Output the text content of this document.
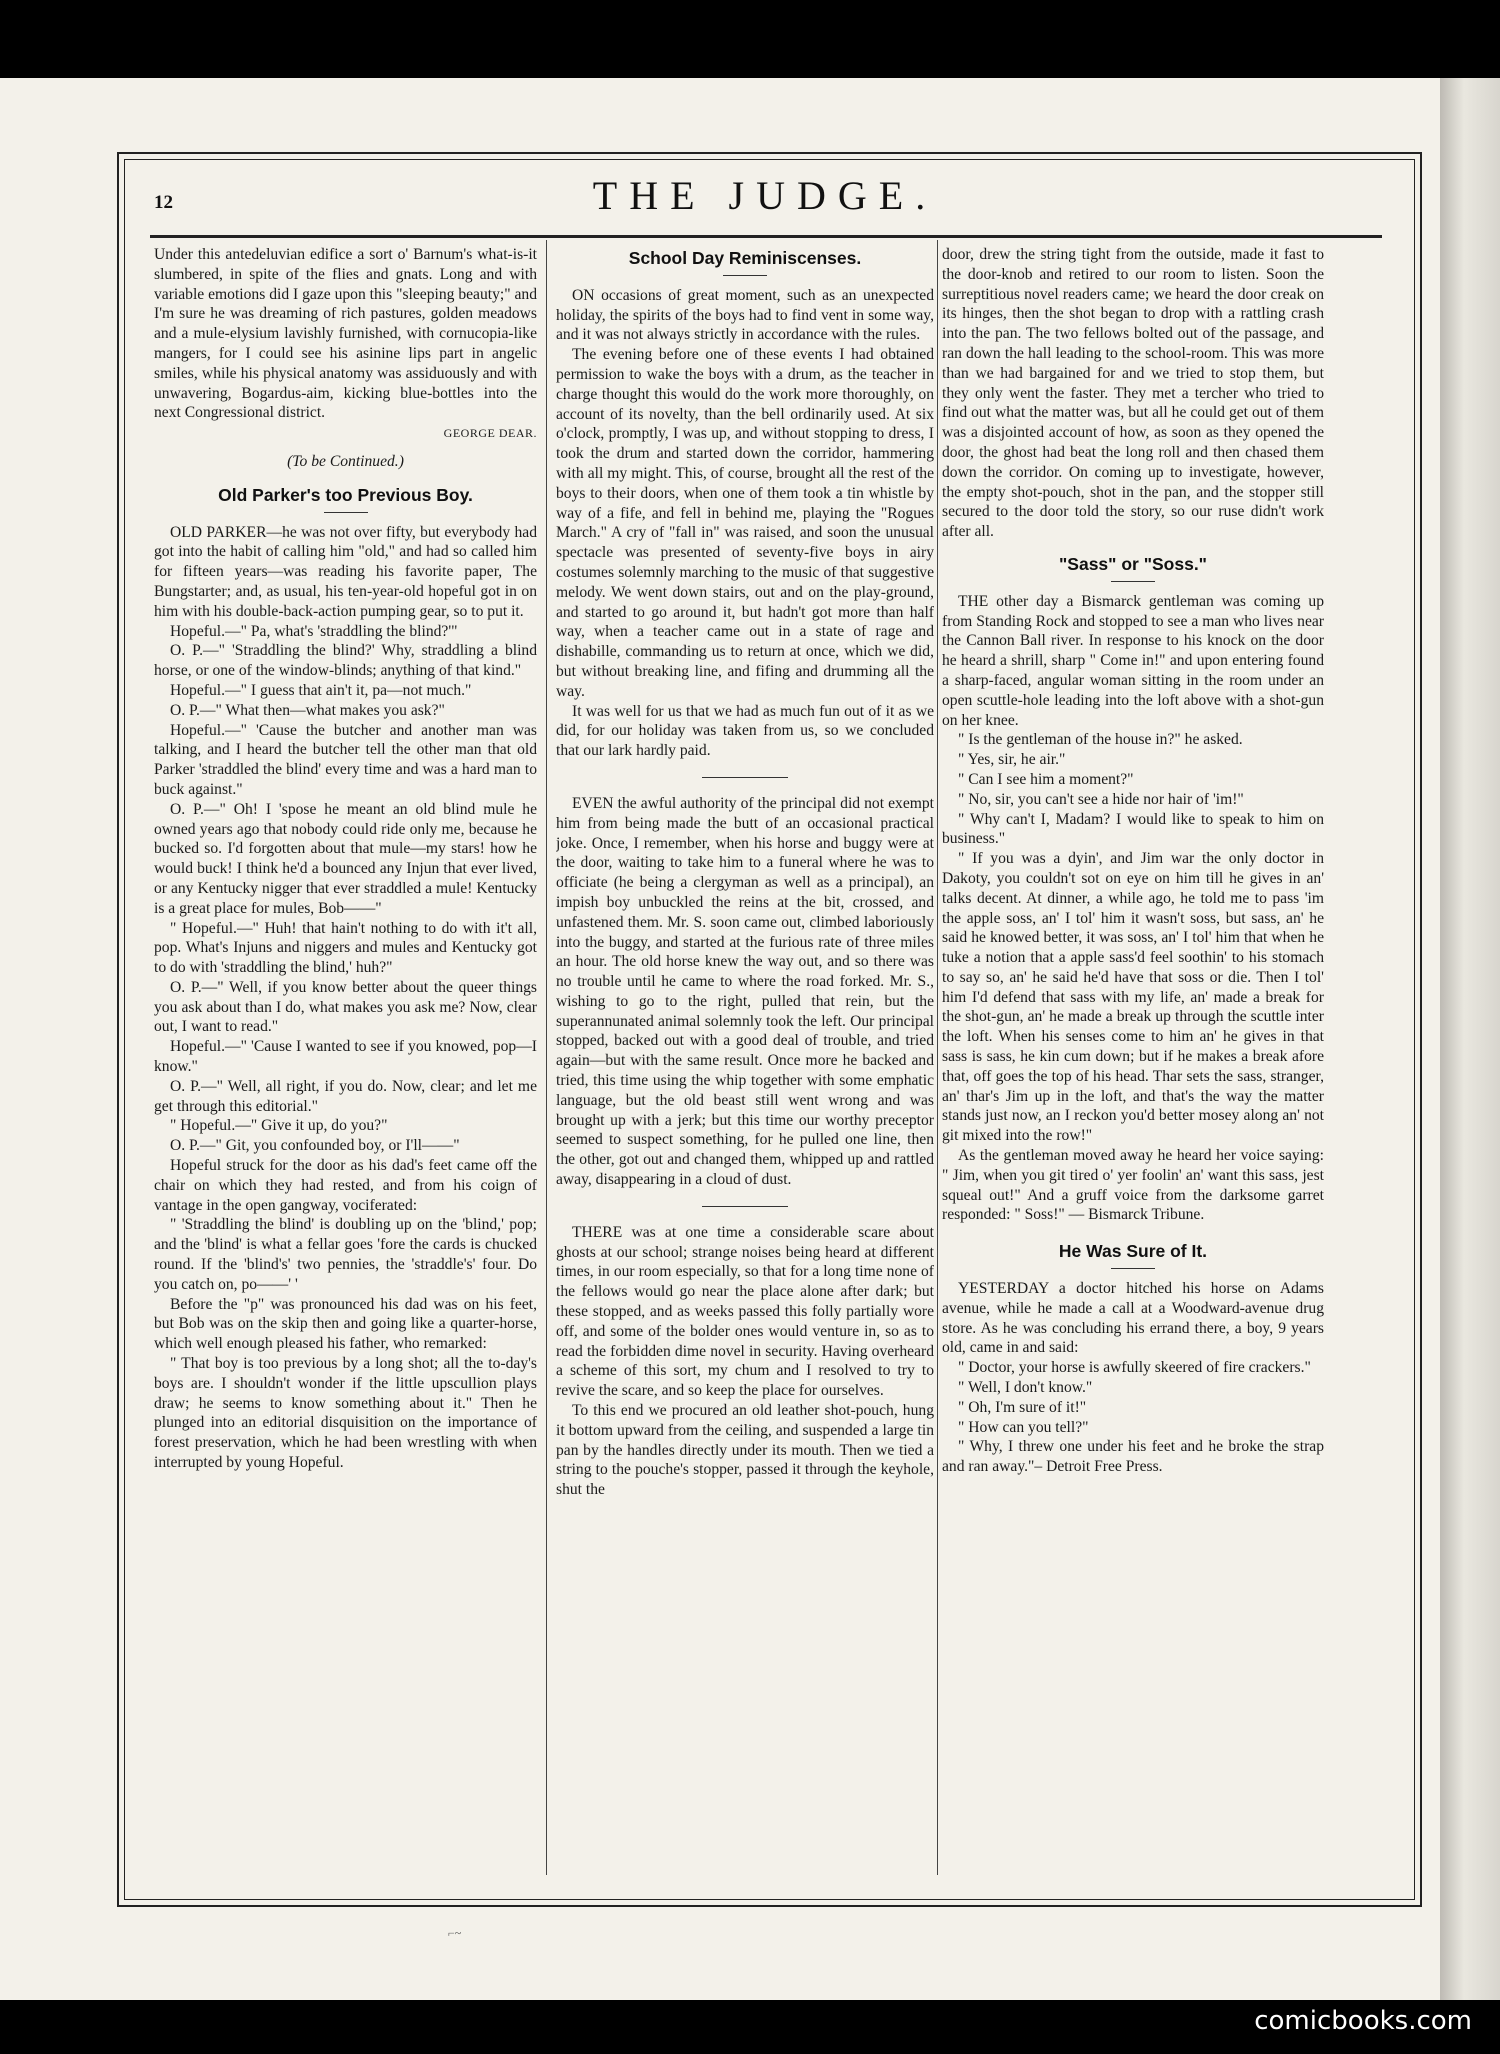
12	THE JUDGE.

Under this antedeluvian edifice a sort o' Barnum's what-is-it slumbered, in spite of the flies and gnats. Long and with variable emotions did I gaze upon this "sleeping beauty;" and I'm sure he was dreaming of rich pastures, golden meadows and a mule-elysium lavishly furnished, with cornucopia-like mangers, for I could see his asinine lips part in angelic smiles, while his physical anatomy was assiduously and with unwavering, Bogardus-aim, kicking blue-bottles into the next Congressional district.

GEORGE DEAR.

(To be Continued.)

Old Parker's too Previous Boy.

OLD PARKER—he was not over fifty, but everybody had got into the habit of calling him "old," and had so called him for fifteen years—was reading his favorite paper, The Bungstarter; and, as usual, his ten-year-old hopeful got in on him with his double-back-action pumping gear, so to put it.

Hopeful.—" Pa, what's 'straddling the blind?'"

O. P.—" 'Straddling the blind?' Why, straddling a blind horse, or one of the window-blinds; anything of that kind."

Hopeful.—" I guess that ain't it, pa—not much."

O. P.—" What then—what makes you ask?"

Hopeful.—" 'Cause the butcher and another man was talking, and I heard the butcher tell the other man that old Parker 'straddled the blind' every time and was a hard man to buck against."

O. P.—" Oh! I 'spose he meant an old blind mule he owned years ago that nobody could ride only me, because he bucked so. I'd forgotten about that mule—my stars! how he would buck! I think he'd a bounced any Injun that ever lived, or any Kentucky nigger that ever straddled a mule! Kentucky is a great place for mules, Bob——"

" Hopeful.—" Huh! that hain't nothing to do with it't all, pop. What's Injuns and niggers and mules and Kentucky got to do with 'straddling the blind,' huh?"

O. P.—" Well, if you know better about the queer things you ask about than I do, what makes you ask me? Now, clear out, I want to read."

Hopeful.—" 'Cause I wanted to see if you knowed, pop—I know."

O. P.—" Well, all right, if you do. Now, clear; and let me get through this editorial."

" Hopeful.—" Give it up, do you?"

O. P.—" Git, you confounded boy, or I'll——"

Hopeful struck for the door as his dad's feet came off the chair on which they had rested, and from his coign of vantage in the open gangway, vociferated:

" 'Straddling the blind' is doubling up on the 'blind,' pop; and the 'blind' is what a fellar goes 'fore the cards is chucked round. If the 'blind's' two pennies, the 'straddle's' four. Do you catch on, po——' '

Before the "p" was pronounced his dad was on his feet, but Bob was on the skip then and going like a quarter-horse, which well enough pleased his father, who remarked:

" That boy is too previous by a long shot; all the to-day's boys are. I shouldn't wonder if the little upscullion plays draw; he seems to know something about it." Then he plunged into an editorial disquisition on the importance of forest preservation, which he had been wrestling with when interrupted by young Hopeful.

School Day Reminiscenses.

ON occasions of great moment, such as an unexpected holiday, the spirits of the boys had to find vent in some way, and it was not always strictly in accordance with the rules.

The evening before one of these events I had obtained permission to wake the boys with a drum, as the teacher in charge thought this would do the work more thoroughly, on account of its novelty, than the bell ordinarily used. At six o'clock, promptly, I was up, and without stopping to dress, I took the drum and started down the corridor, hammering with all my might. This, of course, brought all the rest of the boys to their doors, when one of them took a tin whistle by way of a fife, and fell in behind me, playing the "Rogues March." A cry of "fall in" was raised, and soon the unusual spectacle was presented of seventy-five boys in airy costumes solemnly marching to the music of that suggestive melody. We went down stairs, out and on the play-ground, and started to go around it, but hadn't got more than half way, when a teacher came out in a state of rage and dishabille, commanding us to return at once, which we did, but without breaking line, and fifing and drumming all the way.

It was well for us that we had as much fun out of it as we did, for our holiday was taken from us, so we concluded that our lark hardly paid.

EVEN the awful authority of the principal did not exempt him from being made the butt of an occasional practical joke. Once, I remember, when his horse and buggy were at the door, waiting to take him to a funeral where he was to officiate (he being a clergyman as well as a principal), an impish boy unbuckled the reins at the bit, crossed, and unfastened them. Mr. S. soon came out, climbed laboriously into the buggy, and started at the furious rate of three miles an hour. The old horse knew the way out, and so there was no trouble until he came to where the road forked. Mr. S., wishing to go to the right, pulled that rein, but the superannunated animal solemnly took the left. Our principal stopped, backed out with a good deal of trouble, and tried again—but with the same result. Once more he backed and tried, this time using the whip together with some emphatic language, but the old beast still went wrong and was brought up with a jerk; but this time our worthy preceptor seemed to suspect something, for he pulled one line, then the other, got out and changed them, whipped up and rattled away, disappearing in a cloud of dust.

THERE was at one time a considerable scare about ghosts at our school; strange noises being heard at different times, in our room especially, so that for a long time none of the fellows would go near the place alone after dark; but these stopped, and as weeks passed this folly partially wore off, and some of the bolder ones would venture in, so as to read the forbidden dime novel in security. Having overheard a scheme of this sort, my chum and I resolved to try to revive the scare, and so keep the place for ourselves.

To this end we procured an old leather shot-pouch, hung it bottom upward from the ceiling, and suspended a large tin pan by the handles directly under its mouth. Then we tied a string to the pouche's stopper, passed it through the keyhole, shut the

door, drew the string tight from the outside, made it fast to the door-knob and retired to our room to listen. Soon the surreptitious novel readers came; we heard the door creak on its hinges, then the shot began to drop with a rattling crash into the pan. The two fellows bolted out of the passage, and ran down the hall leading to the school-room. This was more than we had bargained for and we tried to stop them, but they only went the faster. They met a tercher who tried to find out what the matter was, but all he could get out of them was a disjointed account of how, as soon as they opened the door, the ghost had beat the long roll and then chased them down the corridor. On coming up to investigate, however, the empty shot-pouch, shot in the pan, and the stopper still secured to the door told the story, so our ruse didn't work after all.

"Sass" or "Soss."

THE other day a Bismarck gentleman was coming up from Standing Rock and stopped to see a man who lives near the Cannon Ball river. In response to his knock on the door he heard a shrill, sharp " Come in!" and upon entering found a sharp-faced, angular woman sitting in the room under an open scuttle-hole leading into the loft above with a shot-gun on her knee.

" Is the gentleman of the house in?" he asked.

" Yes, sir, he air."

" Can I see him a moment?"

" No, sir, you can't see a hide nor hair of 'im!"

" Why can't I, Madam? I would like to speak to him on business."

" If you was a dyin', and Jim war the only doctor in Dakoty, you couldn't sot on eye on him till he gives in an' talks decent. At dinner, a while ago, he told me to pass 'im the apple soss, an' I tol' him it wasn't soss, but sass, an' he said he knowed better, it was soss, an' I tol' him that when he tuke a notion that a apple sass'd feel soothin' to his stomach to say so, an' he said he'd have that soss or die. Then I tol' him I'd defend that sass with my life, an' made a break for the shot-gun, an' he made a break up through the scuttle inter the loft. When his senses come to him an' he gives in that sass is sass, he kin cum down; but if he makes a break afore that, off goes the top of his head. Thar sets the sass, stranger, an' thar's Jim up in the loft, and that's the way the matter stands just now, an I reckon you'd better mosey along an' not git mixed into the row!"

As the gentleman moved away he heard her voice saying: " Jim, when you git tired o' yer foolin' an' want this sass, jest squeal out!" And a gruff voice from the darksome garret responded: " Soss!" — Bismarck Tribune.

He Was Sure of It.

YESTERDAY a doctor hitched his horse on Adams avenue, while he made a call at a Woodward-avenue drug store. As he was concluding his errand there, a boy, 9 years old, came in and said:

" Doctor, your horse is awfully skeered of fire crackers."

" Well, I don't know."

" Oh, I'm sure of it!"

" How can you tell?"

" Why, I threw one under his feet and he broke the strap and ran away."– Detroit Free Press.

⌐~
comicbooks.com
